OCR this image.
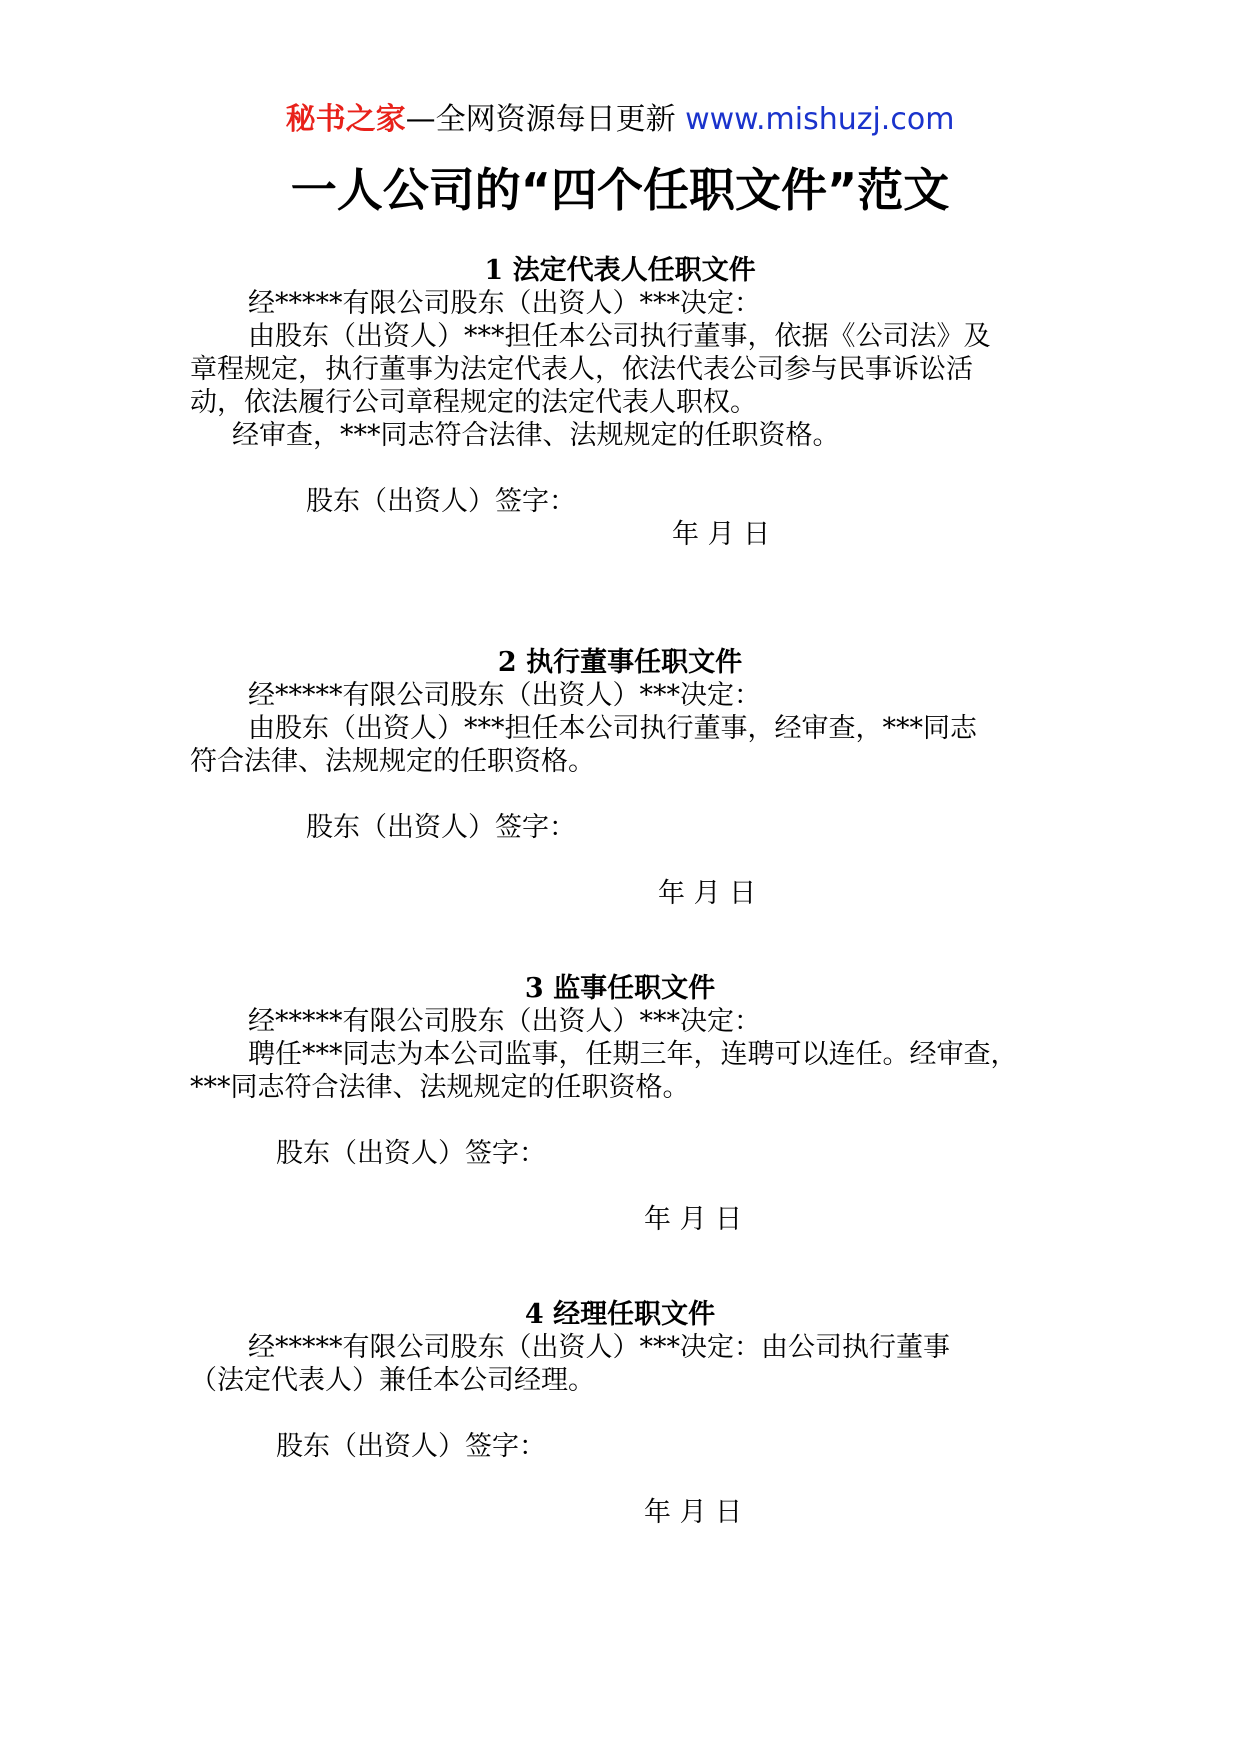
秘书之家—全网资源每日更新 www.mishuzj.com
一人公司的“四个任职文件”范文
1 法定代表人任职文件
经*****有限公司股东（出资人）***决定：
由股东（出资人）***担任本公司执行董事，依据《公司法》及
章程规定，执行董事为法定代表人，依法代表公司参与民事诉讼活
动，依法履行公司章程规定的法定代表人职权。
经审查，***同志符合法律、法规规定的任职资格。
股东（出资人）签字：
年 月 日
2 执行董事任职文件
经*****有限公司股东（出资人）***决定：
由股东（出资人）***担任本公司执行董事，经审查，***同志
符合法律、法规规定的任职资格。
股东（出资人）签字：
年 月 日
3 监事任职文件
经*****有限公司股东（出资人）***决定：
聘任***同志为本公司监事，任期三年，连聘可以连任。经审查，
***同志符合法律、法规规定的任职资格。
股东（出资人）签字：
年 月 日
4 经理任职文件
经*****有限公司股东（出资人）***决定：由公司执行董事
（法定代表人）兼任本公司经理。
股东（出资人）签字：
年 月 日
